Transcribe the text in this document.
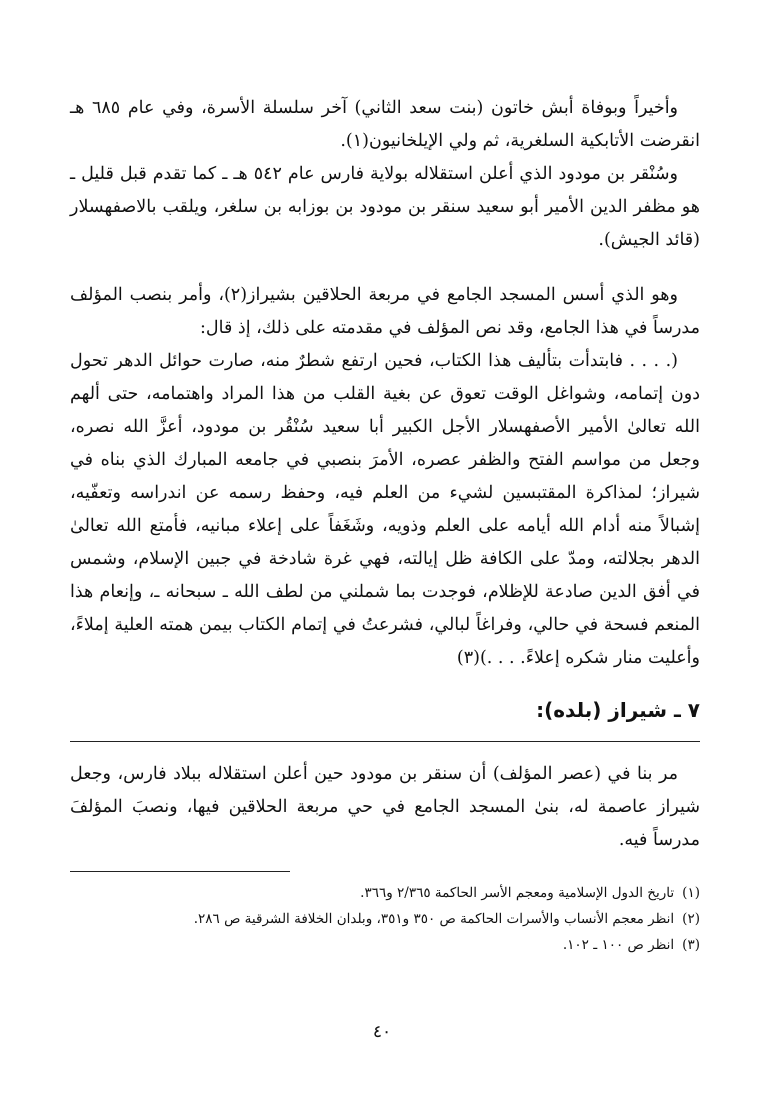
وأخيراً وبوفاة أبش خاتون (بنت سعد الثاني) آخر سلسلة الأسرة، وفي عام ٦٨٥ هـ انقرضت الأتابكية السلغرية، ثم ولي الإيلخانيون(١).

وسُنْقر بن مودود الذي أعلن استقلاله بولاية فارس عام ٥٤٢ هـ ـ كما تقدم قبل قليل ـ هو مظفر الدين الأمير أبو سعيد سنقر بن مودود بن بوزابه بن سلغر، ويلقب بالاصفهسلار (قائد الجيش).

وهو الذي أسس المسجد الجامع في مربعة الحلاقين بشيراز(٢)، وأمر بنصب المؤلف مدرساً في هذا الجامع، وقد نص المؤلف في مقدمته على ذلك، إذ قال:

(. . . . فابتدأت بتأليف هذا الكتاب، فحين ارتفع شطرٌ منه، صارت حوائل الدهر تحول دون إتمامه، وشواغل الوقت تعوق عن بغية القلب من هذا المراد واهتمامه، حتى ألهم الله تعالىٰ الأمير الأصفهسلار الأجل الكبير أبا سعيد سُنْقُر بن مودود، أعزَّ الله نصره، وجعل من مواسم الفتح والظفر عصره، الأمرَ بنصبي في جامعه المبارك الذي بناه في شيراز؛ لمذاكرة المقتبسين لشيء من العلم فيه، وحفظ رسمه عن اندراسه وتعفّيه، إشبالاً منه أدام الله أيامه على العلم وذويه، وشَغَفاً على إعلاء مبانيه، فأمتع الله تعالىٰ الدهر بجلالته، ومدّ على الكافة ظل إيالته، فهي غرة شادخة في جبين الإسلام، وشمس في أفق الدين صادعة للإظلام، فوجدت بما شملني من لطف الله ـ سبحانه ـ، وإنعام هذا المنعم فسحة في حالي، وفراغاً لبالي، فشرعتُ في إتمام الكتاب بيمن همته العلية إملاءً، وأعليت منار شكره إعلاءً. . . .)(٣)

٧ ـ شيراز (بلده):

مر بنا في (عصر المؤلف) أن سنقر بن مودود حين أعلن استقلاله ببلاد فارس، وجعل شيراز عاصمة له، بنىٰ المسجد الجامع في حي مربعة الحلاقين فيها، ونصبَ المؤلفَ مدرساً فيه.

(١)
تاريخ الدول الإسلامية ومعجم الأسر الحاكمة ٢/٣٦٥ و٣٦٦.
(٢)
انظر معجم الأنساب والأسرات الحاكمة ص ٣٥٠ و٣٥١، وبلدان الخلافة الشرقية ص ٢٨٦.
(٣)
انظر ص ١٠٠ ـ ١٠٢.
٤٠
